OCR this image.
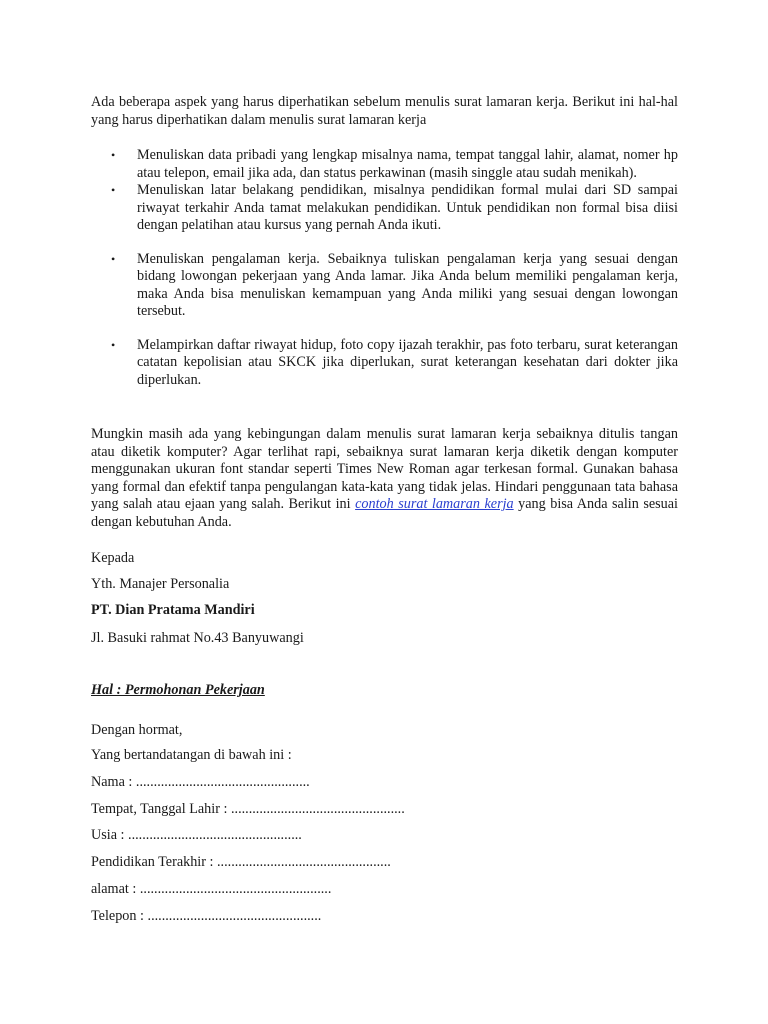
Ada beberapa aspek yang harus diperhatikan sebelum menulis surat lamaran kerja. Berikut ini hal-hal yang harus diperhatikan dalam menulis surat lamaran kerja

• Menuliskan data pribadi yang lengkap misalnya nama, tempat tanggal lahir, alamat, nomer hp atau telepon, email jika ada, dan status perkawinan (masih singgle atau sudah menikah).
• Menuliskan latar belakang pendidikan, misalnya pendidikan formal mulai dari SD sampai riwayat terkahir Anda tamat melakukan pendidikan. Untuk pendidikan non formal bisa diisi dengan pelatihan atau kursus yang pernah Anda ikuti.
• Menuliskan pengalaman kerja. Sebaiknya tuliskan pengalaman kerja yang sesuai dengan bidang lowongan pekerjaan yang Anda lamar. Jika Anda belum memiliki pengalaman kerja, maka Anda bisa menuliskan kemampuan yang Anda miliki yang sesuai dengan lowongan tersebut.
• Melampirkan daftar riwayat hidup, foto copy ijazah terakhir, pas foto terbaru, surat keterangan catatan kepolisian atau SKCK jika diperlukan, surat keterangan kesehatan dari dokter jika diperlukan.

Mungkin masih ada yang kebingungan dalam menulis surat lamaran kerja sebaiknya ditulis tangan atau diketik komputer? Agar terlihat rapi, sebaiknya surat lamaran kerja diketik dengan komputer menggunakan ukuran font standar seperti Times New Roman agar terkesan formal. Gunakan bahasa yang formal dan efektif tanpa pengulangan kata-kata yang tidak jelas. Hindari penggunaan tata bahasa yang salah atau ejaan yang salah. Berikut ini contoh surat lamaran kerja yang bisa Anda salin sesuai dengan kebutuhan Anda.

Kepada
Yth. Manajer Personalia
PT. Dian Pratama Mandiri
Jl. Basuki rahmat No.43 Banyuwangi
Hal : Permohonan Pekerjaan
Dengan hormat,
Yang bertandatangan di bawah ini :
Nama : .................................................
Tempat, Tanggal Lahir : .................................................
Usia : .................................................
Pendidikan Terakhir : .................................................
alamat : ......................................................
Telepon : .................................................
